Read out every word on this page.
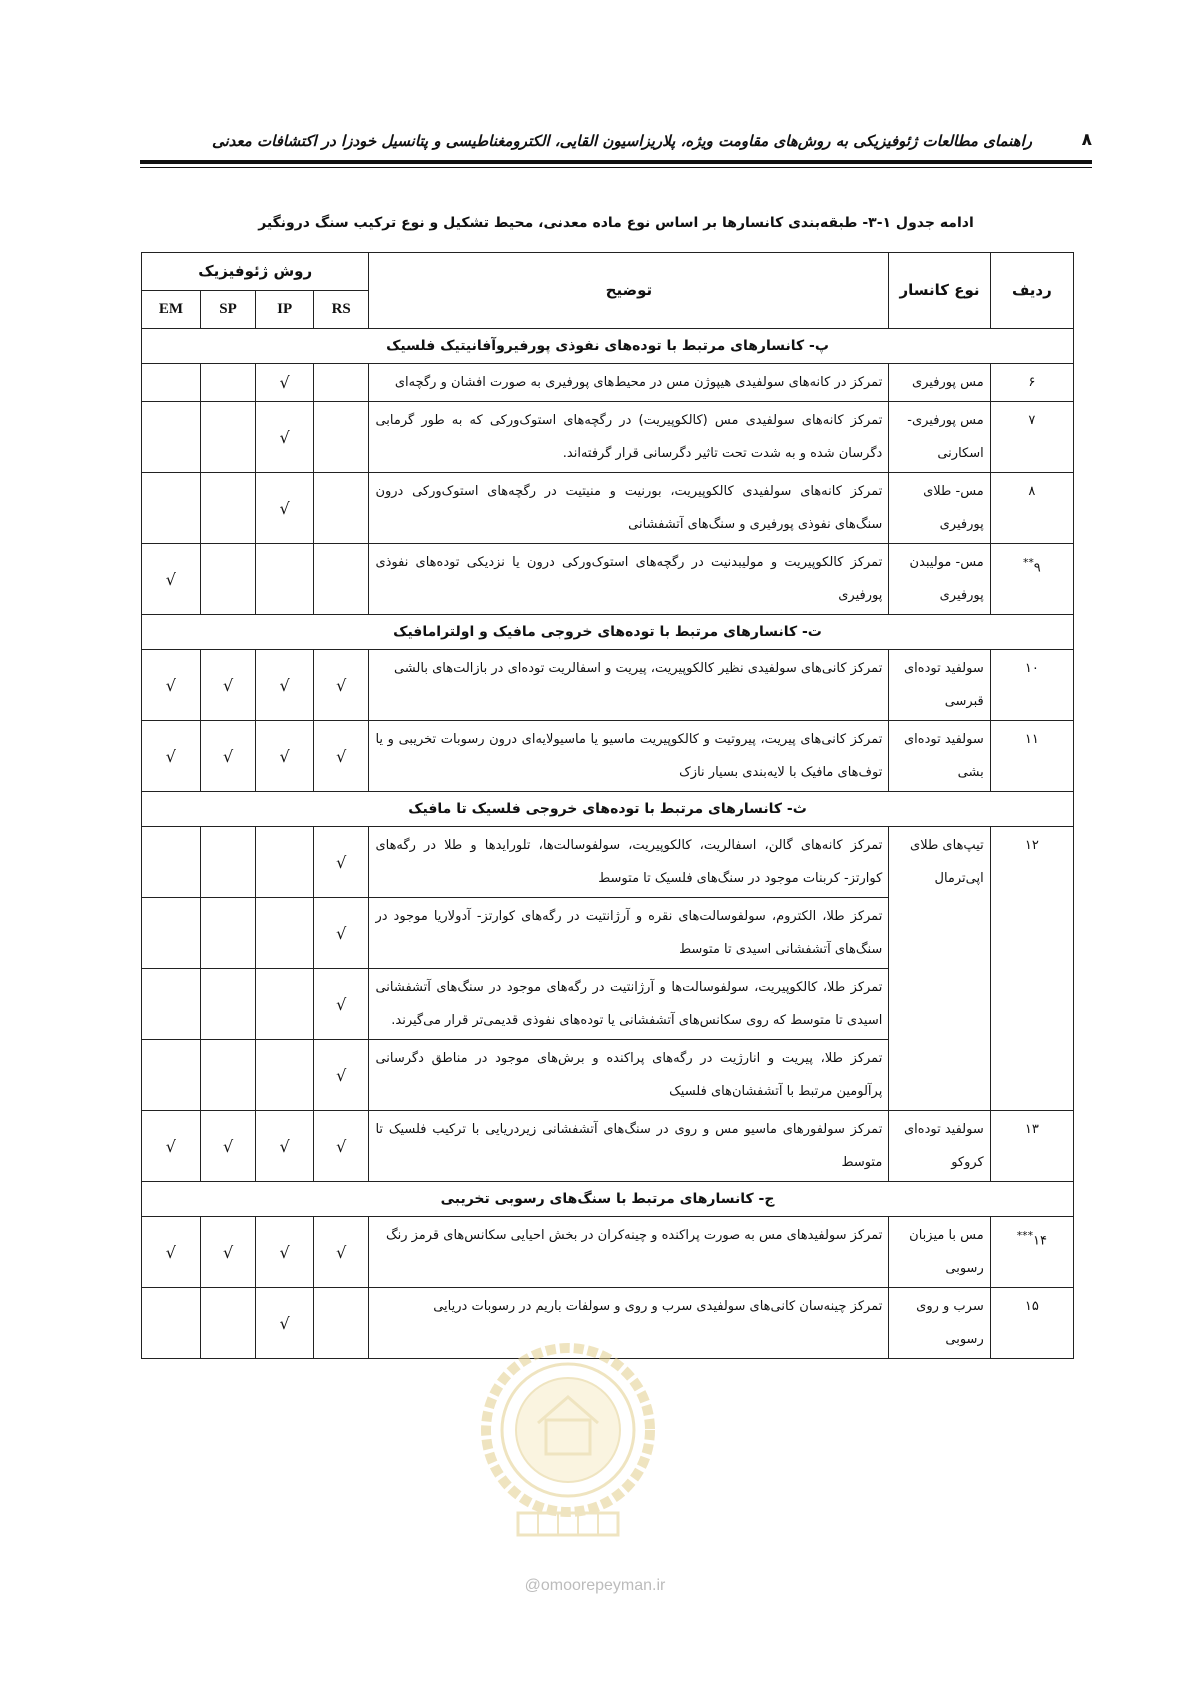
۸
راهنمای مطالعات ژئوفیزیکی به روش‌های مقاومت ویژه، پلاریزاسیون القایی، الکترومغناطیسی و پتانسیل خودزا در اکتشافات معدنی
ادامه جدول ۱-۳- طبقه‌بندی کانسارها بر اساس نوع ماده معدنی، محیط تشکیل و نوع ترکیب سنگ درونگیر
ردیف	نوع کانسار	توضیح	روش ژئوفیزیک			
			RS	IP	SP	EM
پ- کانسارهای مرتبط با توده‌های نفوذی پورفیروآفانیتیک فلسیک						
۶	مس پورفیری	تمرکز در کانه‌های سولفیدی هیپوژن مس در محیط‌های پورفیری به صورت افشان و رگچه‌ای		√		
۷	مس پورفیری- اسکارنی	تمرکز کانه‌های سولفیدی مس (کالکوپیریت) در رگچه‌های استوک‌ورکی که به طور گرمابی دگرسان شده و به شدت تحت تاثیر دگرسانی قرار گرفته‌اند.		√		
۸	مس- طلای پورفیری	تمرکز کانه‌های سولفیدی کالکوپیریت، بورنیت و منیتیت در رگچه‌های استوک‌ورکی درون سنگ‌های نفوذی پورفیری و سنگ‌های آتشفشانی		√		
۹**	مس- مولیبدن پورفیری	تمرکز کالکوپیریت و مولیبدنیت در رگچه‌های استوک‌ورکی درون یا نزدیکی توده‌های نفوذی پورفیری				√
ت- کانسارهای مرتبط با توده‌های خروجی مافیک و اولترامافیک						
۱۰	سولفید توده‌ای قبرسی	تمرکز کانی‌های سولفیدی نظیر کالکوپیریت، پیریت و اسفالریت توده‌ای در بازالت‌های بالشی	√	√	√	√
۱۱	سولفید توده‌ای بشی	تمرکز کانی‌های پیریت، پیروتیت و کالکوپیریت ماسیو یا ماسیولایه‌ای درون رسوبات تخریبی و یا توف‌های مافیک با لایه‌بندی بسیار نازک	√	√	√	√
ث- کانسارهای مرتبط با توده‌های خروجی فلسیک تا مافیک						
۱۲	تیپ‌های طلای اپی‌ترمال	تمرکز کانه‌های گالن، اسفالریت، کالکوپیریت، سولفوسالت‌ها، تلورایدها و طلا در رگه‌های کوارتز- کربنات موجود در سنگ‌های فلسیک تا متوسط	√			
		تمرکز طلا، الکتروم، سولفوسالت‌های نقره و آرژانتیت در رگه‌های کوارتز- آدولاریا موجود در سنگ‌های آتشفشانی اسیدی تا متوسط	√			
		تمرکز طلا، کالکوپیریت، سولفوسالت‌ها و آرژانتیت در رگه‌های موجود در سنگ‌های آتشفشانی اسیدی تا متوسط که روی سکانس‌های آتشفشانی یا توده‌های نفوذی قدیمی‌تر قرار می‌گیرند.	√			
		تمرکز طلا، پیریت و انارژیت در رگه‌های پراکنده و برش‌های موجود در مناطق دگرسانی پرآلومین مرتبط با آتشفشان‌های فلسیک	√			
۱۳	سولفید توده‌ای کروکو	تمرکز سولفورهای ماسیو مس و روی در سنگ‌های آتشفشانی زیردریایی با ترکیب فلسیک تا متوسط	√	√	√	√
ج- کانسارهای مرتبط با سنگ‌های رسوبی تخریبی						
۱۴***	مس با میزبان رسوبی	تمرکز سولفیدهای مس به صورت پراکنده و چینه‌کران در بخش احیایی سکانس‌های قرمز رنگ	√	√	√	√
۱۵	سرب و روی رسوبی	تمرکز چینه‌سان کانی‌های سولفیدی سرب و روی و سولفات باریم در رسوبات دریایی		√		
@omoorepeyman.ir
